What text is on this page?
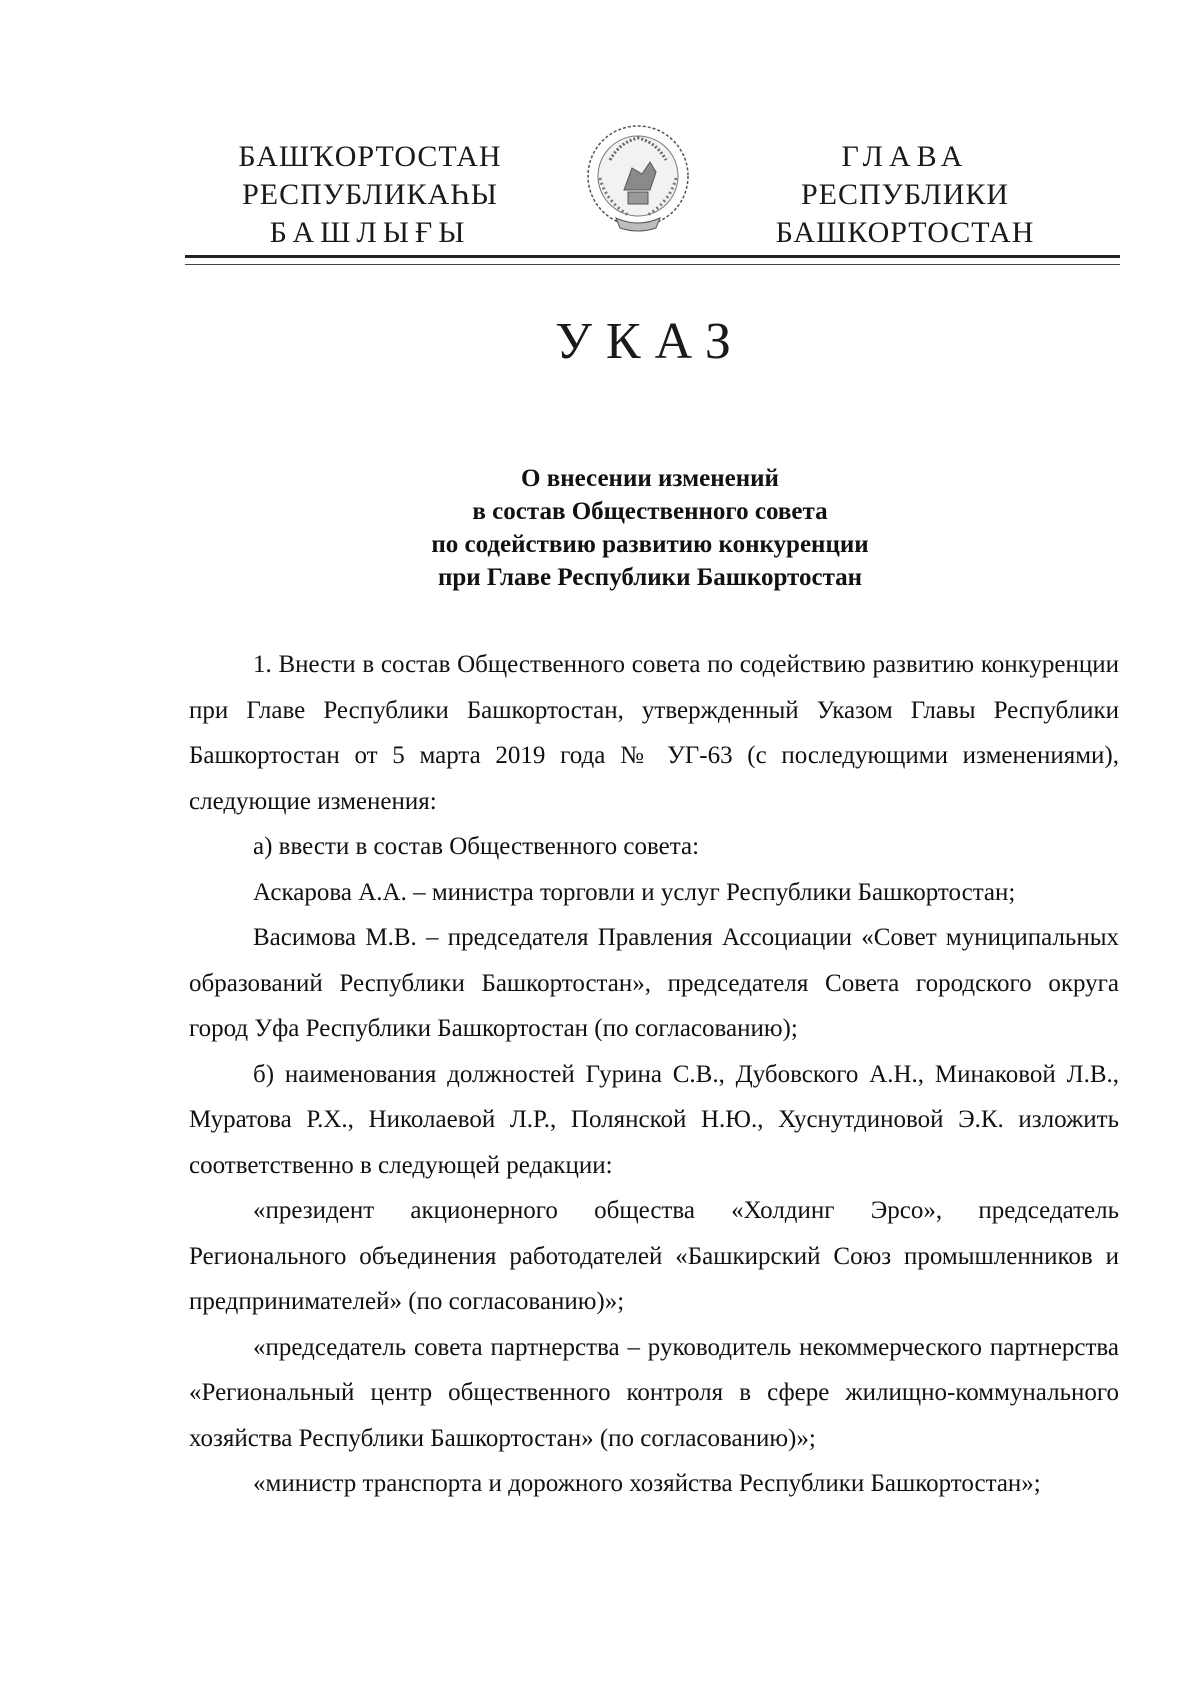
БАШҠОРТОСТАН
РЕСПУБЛИКАҺЫ
БАШЛЫҒЫ
ГЛАВА
РЕСПУБЛИКИ
БАШКОРТОСТАН
УКАЗ
О внесении изменений
в состав Общественного совета
по содействию развитию конкуренции
при Главе Республики Башкортостан

1. Внести в состав Общественного совета по содействию развитию конкуренции при Главе Республики Башкортостан, утвержденный Указом Главы Республики Башкортостан от 5 марта 2019 года № УГ-63 (с последующими изменениями), следующие изменения:

а) ввести в состав Общественного совета:

Аскарова А.А. – министра торговли и услуг Республики Башкортостан;

Васимова М.В. – председателя Правления Ассоциации «Совет муниципальных образований Республики Башкортостан», председателя Совета городского округа город Уфа Республики Башкортостан (по согласованию);

б) наименования должностей Гурина С.В., Дубовского А.Н., Минаковой Л.В., Муратова Р.Х., Николаевой Л.Р., Полянской Н.Ю., Хуснутдиновой Э.К. изложить соответственно в следующей редакции:

«президент акционерного общества «Холдинг Эрсо», председатель Регионального объединения работодателей «Башкирский Союз промышленников и предпринимателей» (по согласованию)»;

«председатель совета партнерства – руководитель некоммерческого партнерства «Региональный центр общественного контроля в сфере жилищно-коммунального хозяйства Республики Башкортостан» (по согласованию)»;

«министр транспорта и дорожного хозяйства Республики Башкортостан»;
